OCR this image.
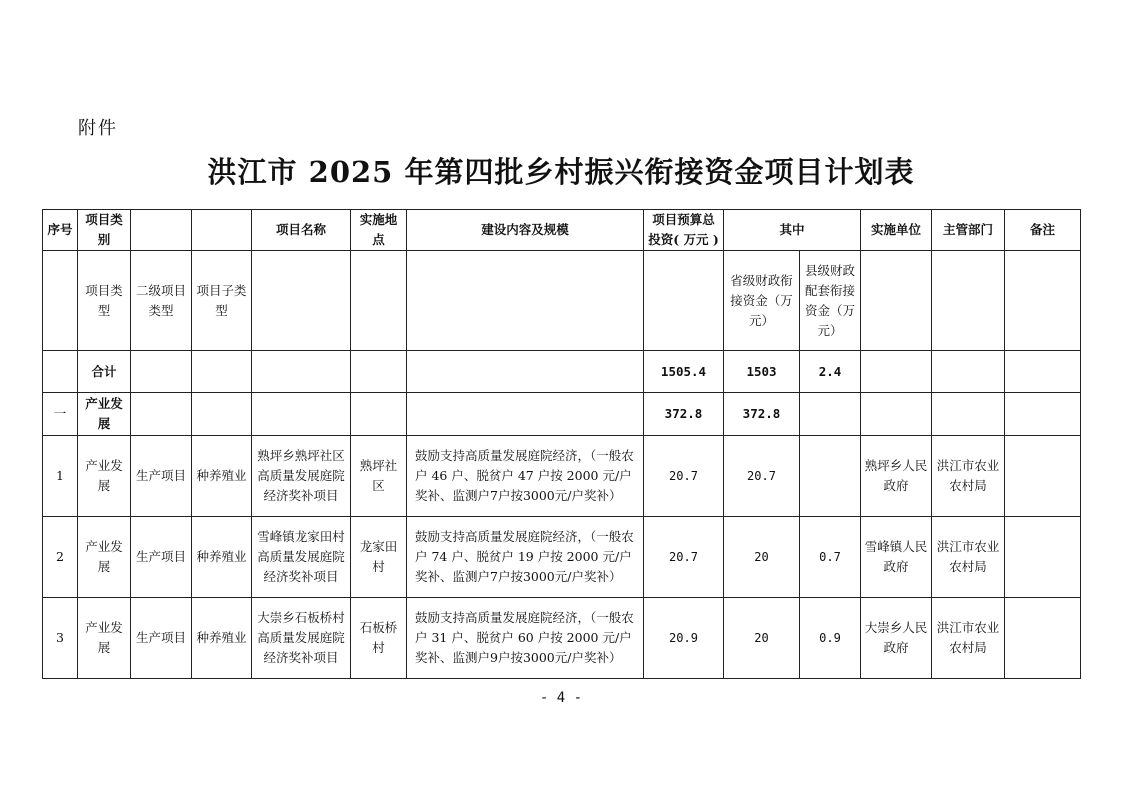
附件
洪江市 2025 年第四批乡村振兴衔接资金项目计划表
序号	项目类别			项目名称	实施地点	建设内容及规模	项目预算总投资( 万元 )	其中		实施单位	主管部门	备注
	项目类型	二级项目类型	项目子类型					省级财政衔接资金（万元）	县级财政配套衔接资金（万元）			
	合计						1505.4	1503	2.4			
一	产业发展						372.8	372.8				
1	产业发展	生产项目	种养殖业	熟坪乡熟坪社区高质量发展庭院经济奖补项目	熟坪社区	鼓励支持高质量发展庭院经济，（一般农户 46 户、脱贫户 47 户按 2000 元/户奖补、监测户7户按3000元/户奖补）	20.7	20.7		熟坪乡人民政府	洪江市农业农村局	
2	产业发展	生产项目	种养殖业	雪峰镇龙家田村高质量发展庭院经济奖补项目	龙家田村	鼓励支持高质量发展庭院经济，（一般农户 74 户、脱贫户 19 户按 2000 元/户奖补、监测户7户按3000元/户奖补）	20.7	20	0.7	雪峰镇人民政府	洪江市农业农村局	
3	产业发展	生产项目	种养殖业	大崇乡石板桥村高质量发展庭院经济奖补项目	石板桥村	鼓励支持高质量发展庭院经济，（一般农户 31 户、脱贫户 60 户按 2000 元/户奖补、监测户9户按3000元/户奖补）	20.9	20	0.9	大崇乡人民政府	洪江市农业农村局	
- 4 -
